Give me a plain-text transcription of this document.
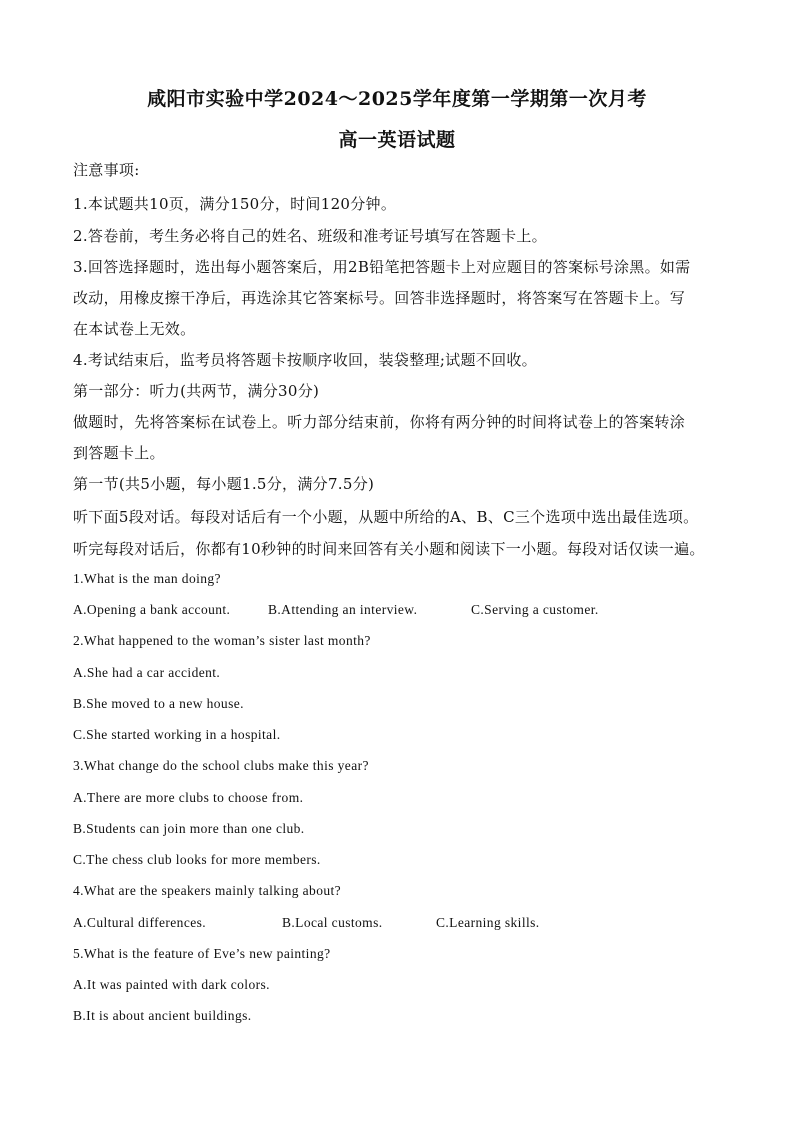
咸阳市实验中学2024～2025学年度第一学期第一次月考
高一英语试题
注意事项:
1.本试题共10页，满分150分，时间120分钟。
2.答卷前，考生务必将自己的姓名、班级和准考证号填写在答题卡上。
3.回答选择题时，选出每小题答案后，用2B铅笔把答题卡上对应题目的答案标号涂黑。如需
改动，用橡皮擦干净后，再选涂其它答案标号。回答非选择题时，将答案写在答题卡上。写
在本试卷上无效。
4.考试结束后，监考员将答题卡按顺序收回，装袋整理;试题不回收。
第一部分：听力(共两节，满分30分)
做题时，先将答案标在试卷上。听力部分结束前，你将有两分钟的时间将试卷上的答案转涂
到答题卡上。
第一节(共5小题，每小题1.5分，满分7.5分)
听下面5段对话。每段对话后有一个小题，从题中所给的A、B、C三个选项中选出最佳选项。
听完每段对话后，你都有10秒钟的时间来回答有关小题和阅读下一小题。每段对话仅读一遍。
1.What is the man doing?
A.Opening a bank account.	B.Attending an interview.	C.Serving a customer.
2.What happened to the woman’s sister last month?
A.She had a car accident.
B.She moved to a new house.
C.She started working in a hospital.
3.What change do the school clubs make this year?
A.There are more clubs to choose from.
B.Students can join more than one club.
C.The chess club looks for more members.
4.What are the speakers mainly talking about?
A.Cultural differences.	B.Local customs.	C.Learning skills.
5.What is the feature of Eve’s new painting?
A.It was painted with dark colors.
B.It is about ancient buildings.
